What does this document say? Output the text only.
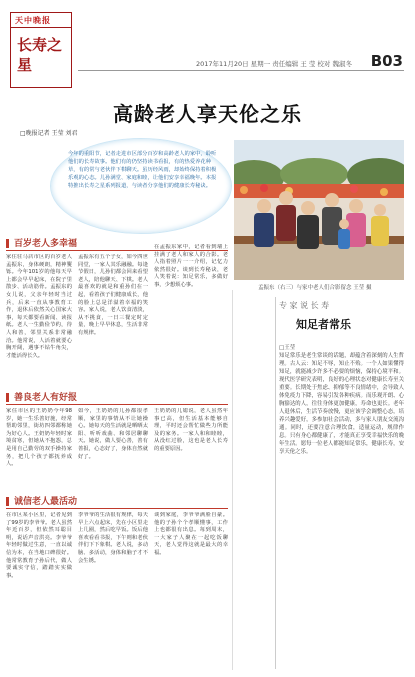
天中晚报
长寿之星	2017年11月20日 星期一 责任编辑 王 莹 校对 魏淑冬 B03
高龄老人享天伦之乐
□晚报记者 王莹 刘君
今年的重阳节，记者走进市区部分百岁和高龄老人的家中，聆听他们的长寿故事。他们有的仍坚持读书看报，有的热爱养花种草，有的常与老伙伴下棋聊天。虽历经风雨，却始终保持着积极乐观的心态。儿孙满堂、家庭和睦，让他们安享幸福晚年。本报特推出长寿之星系列报道，与读者分享他们的健康长寿秘诀。
孟振东（右三）与家中老人们合影留念 王莹 摄
百岁老人多幸福
家住驻马店市区的百岁老人孟振东，身体硬朗，精神矍铄。今年101岁的他每天早上都会早早起床，在院子里散步、活动筋骨。孟振东的女儿说，父亲年轻时当过兵，后来一直从事教育工作，退休后依然关心国家大事，每天都要看新闻、读报纸。老人一生勤俭节约，待人和善，邻里关系非常融洽。他常说，人活着就要心胸开阔，遇事不钻牛角尖，才能活得长久。
孟振东有五个子女，如今四世同堂，一家人其乐融融。每逢节假日，儿孙们都会回来看望老人，陪他聊天、下棋。老人最喜欢的就是和重孙们在一起，看着孩子们健康成长，他的脸上总是洋溢着幸福的笑容。家人说，老人饮食清淡，从不挑食，一日三餐定时定量，晚上早早休息，生活非常有规律。
在孟振东家中，记者看到墙上挂满了老人和家人的合影。老人指着照片一一介绍，记忆力依然很好。谈到长寿秘诀，老人笑着说：知足常乐，多做好事，少想烦心事。
善良老人有好报
家住市区的王奶奶今年98岁，她一生乐善好施，经常帮助邻里，街坊四邻都称她为好心人。王奶奶年轻时家境贫寒，但她从不抱怨，总是用自己勤劳的双手操持家务，把几个孩子都抚养成人。
如今，王奶奶的儿孙都很孝顺，家里的事情从不让她操心。她每天的生活就是晒晒太阳、听听戏曲、和邻居聊聊天。她说，做人要心善，善有善报，心态好了，身体自然就好了。
王奶奶的儿媳说，老人虽然年事已高，但生活基本能够自理，平时还会帮忙做些力所能及的家务。一家人和和睦睦，从没红过脸，这也是老人长寿的重要原因。
诚信老人最活动
在市区某小区里，记者见到了99岁的李爷爷。老人虽然年近百岁，但依然耳聪目明，说话声音洪亮。李爷爷年轻时做过生意，一直以诚信为本，在当地口碑很好。他常常教育子孙后代，做人要诚实守信，踏踏实实做事。
李爷爷的生活很有规律，每天早上六点起床，先在小区里走上几圈，然后吃早饭。饭后他喜欢看看书报，下午则和老伙伴们下下象棋。老人说，多动脑、多活动，身体和脑子才不会生锈。
谈到家庭，李爷爷满脸自豪。他的子孙个个孝顺懂事，工作上也都很有出息。每到周末，一大家子人聚在一起吃饭聊天，老人觉得这就是最大的幸福。
专 家 说 长 寿
知足者常乐
□王莹
知足常乐是老生常谈的话题，却蕴含着深刻的人生哲理。古人云：知足不辱，知止不殆。一个人如果懂得知足，就能减少许多不必要的烦恼，保持心境平和。现代医学研究表明，良好的心理状态对健康长寿至关重要。长期处于焦虑、抑郁等不良情绪中，会导致人体免疫力下降，容易引发各种疾病。而乐观开朗、心胸豁达的人，往往身体更加健康，寿命也更长。老年人退休后，生活节奏放慢，更应该学会调整心态，培养兴趣爱好，多参加社会活动，多与家人朋友交流沟通。同时，还要注意合理饮食，适量运动，规律作息。只有身心都健康了，才能真正享受幸福快乐的晚年生活。愿每一位老人都能知足常乐，健康长寿，安享天伦之乐。
